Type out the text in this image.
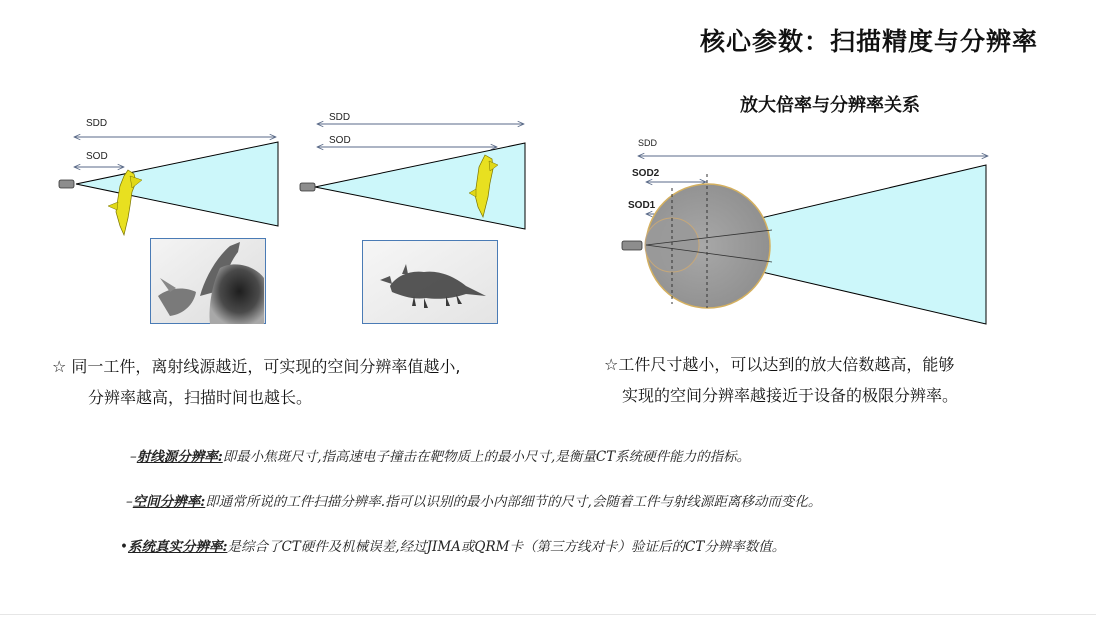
核心参数：扫描精度与分辨率
放大倍率与分辨率关系
SDD
SOD
SDD
SOD	SDD
SOD2
SOD1
☆ 同一工件，离射线源越近，可实现的空间分辨率值越小,
分辨率越高，扫描时间也越长。
☆工件尺寸越小，可以达到的放大倍数越高，能够
实现的空间分辨率越接近于设备的极限分辨率。
–射线源分辨率:即最小焦斑尺寸,指高速电子撞击在靶物质上的最小尺寸,是衡量CT系统硬件能力的指标。
–空间分辨率:即通常所说的工件扫描分辨率.指可以识别的最小内部细节的尺寸,会随着工件与射线源距离移动而变化。
•系统真实分辨率:是综合了CT硬件及机械误差,经过JIMA或QRM卡（第三方线对卡）验证后的CT分辨率数值。
